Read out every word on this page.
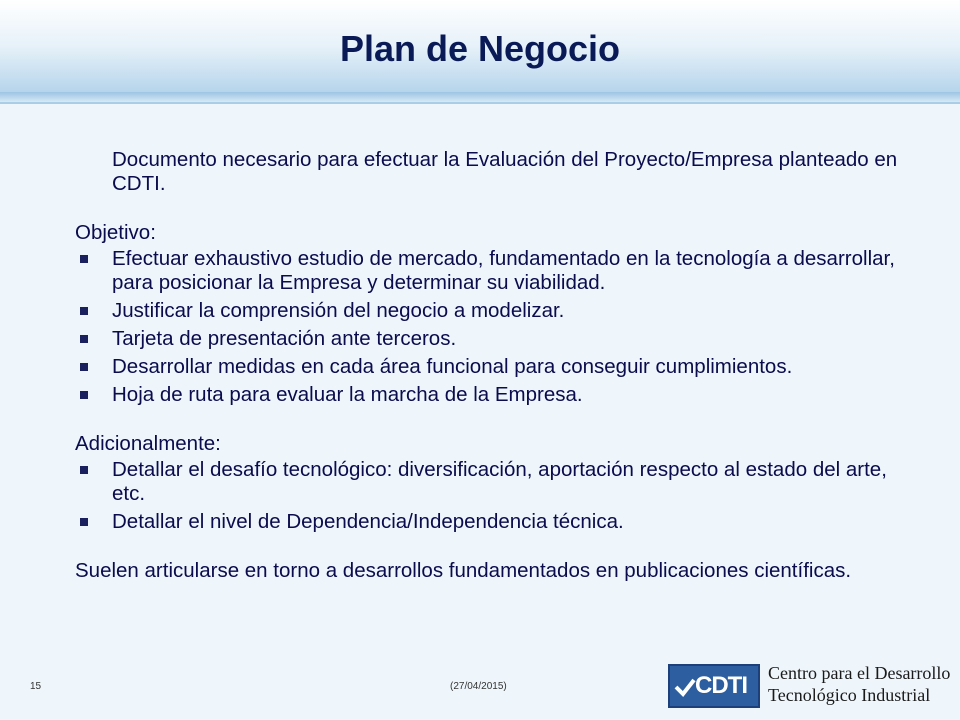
Plan de Negocio
Documento necesario para efectuar la Evaluación del Proyecto/Empresa planteado en CDTI.
Objetivo:
Efectuar exhaustivo estudio de mercado, fundamentado en la tecnología a desarrollar, para posicionar la Empresa y determinar su viabilidad.
Justificar la comprensión del negocio a modelizar.
Tarjeta de presentación ante terceros.
Desarrollar medidas en cada área funcional para conseguir cumplimientos.
Hoja de ruta para evaluar la marcha de la Empresa.
Adicionalmente:
Detallar el desafío tecnológico: diversificación, aportación respecto al estado del arte, etc.
Detallar el nivel de Dependencia/Independencia técnica.
Suelen articularse en torno a desarrollos fundamentados en publicaciones científicas.
15	(27/04/2015)	CDTI Centro para el Desarrollo
Tecnológico Industrial
